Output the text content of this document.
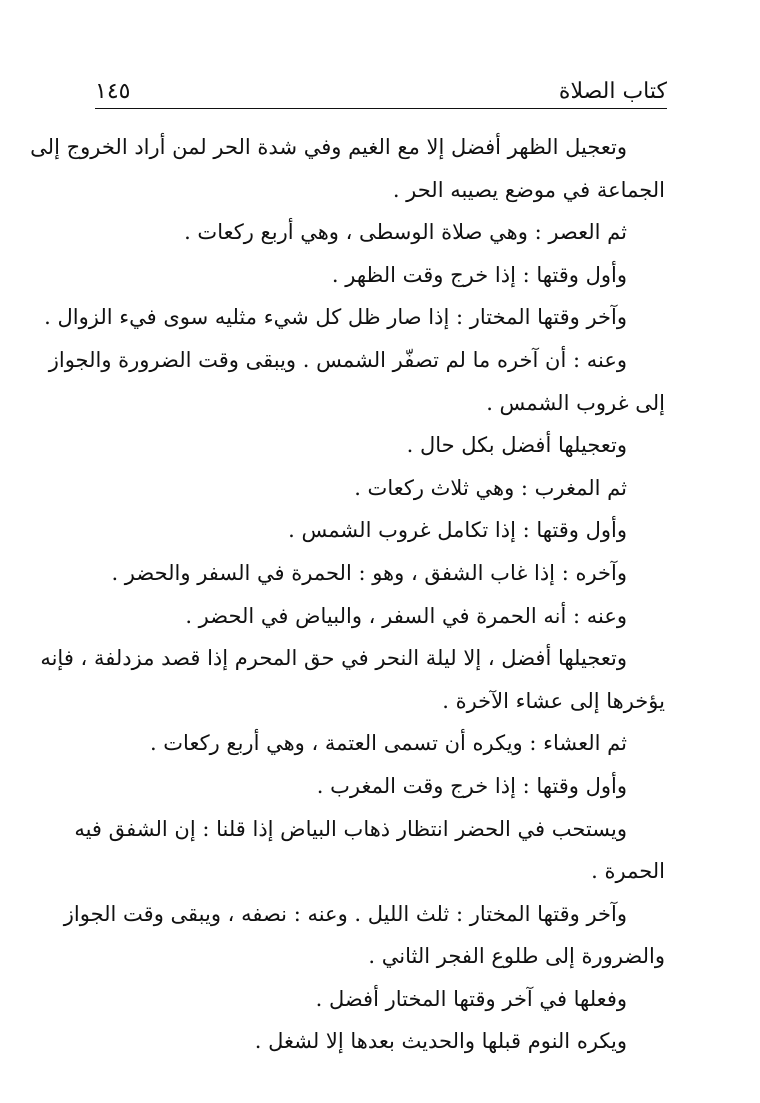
كتاب الصلاة
١٤٥
وتعجيل الظهر أفضل إلا مع الغيم وفي شدة الحر لمن أراد الخروج إلى
الجماعة في موضع يصيبه الحر .
ثم العصر : وهي صلاة الوسطى ، وهي أربع ركعات .
وأول وقتها : إذا خرج وقت الظهر .
وآخر وقتها المختار : إذا صار ظل كل شيء مثليه سوى فيء الزوال .
وعنه : أن آخره ما لم تصفّر الشمس . ويبقى وقت الضرورة والجواز
إلى غروب الشمس .
وتعجيلها أفضل بكل حال .
ثم المغرب : وهي ثلاث ركعات .
وأول وقتها : إذا تكامل غروب الشمس .
وآخره : إذا غاب الشفق ، وهو : الحمرة في السفر والحضر .
وعنه : أنه الحمرة في السفر ، والبياض في الحضر .
وتعجيلها أفضل ، إلا ليلة النحر في حق المحرم إذا قصد مزدلفة ، فإنه
يؤخرها إلى عشاء الآخرة .
ثم العشاء : ويكره أن تسمى العتمة ، وهي أربع ركعات .
وأول وقتها : إذا خرج وقت المغرب .
ويستحب في الحضر انتظار ذهاب البياض إذا قلنا : إن الشفق فيه
الحمرة .
وآخر وقتها المختار : ثلث الليل . وعنه : نصفه ، ويبقى وقت الجواز
والضرورة إلى طلوع الفجر الثاني .
وفعلها في آخر وقتها المختار أفضل .
ويكره النوم قبلها والحديث بعدها إلا لشغل .
